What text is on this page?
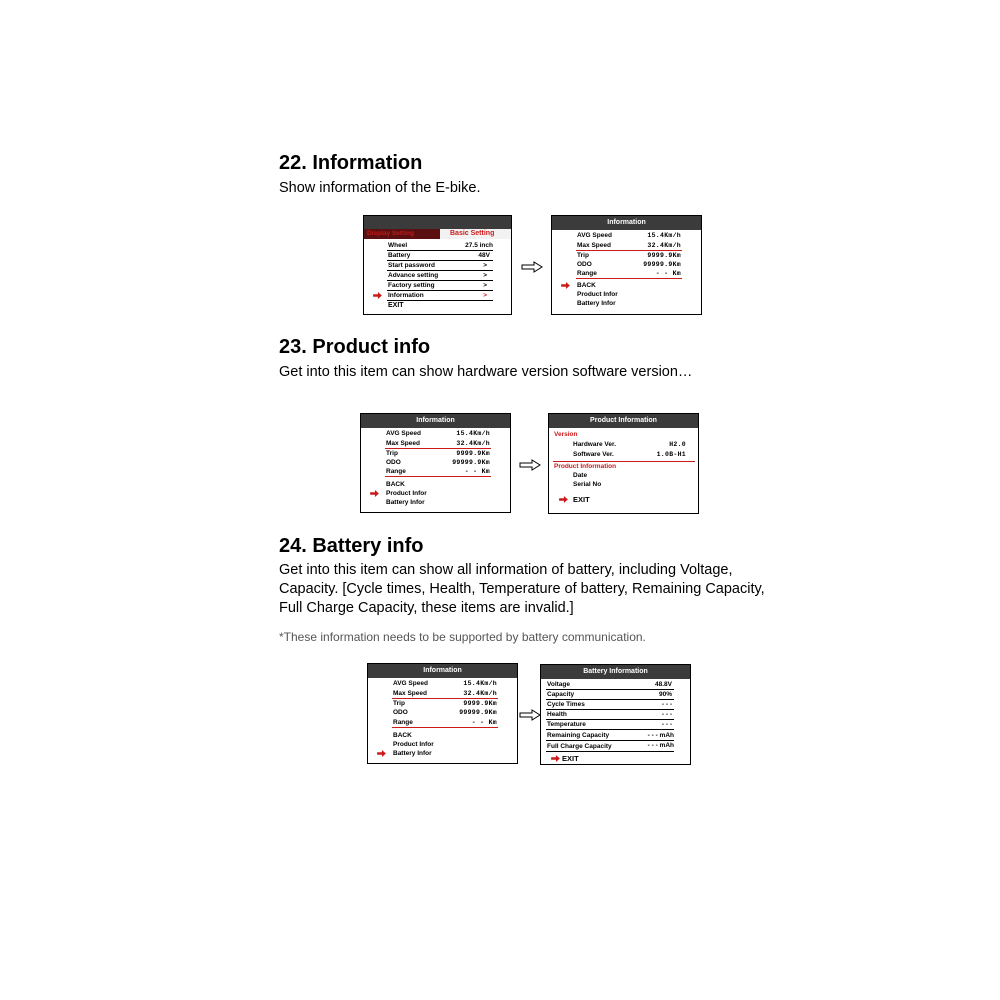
22. Information

Show information of the E-bike.

Display Setting	Basic Setting
Wheel	27.5 inch
Battery	48V
Start password	>
Advance setting	>
Factory setting	>
Information	>
EXIT
Information
AVG Speed	15.4Km/h
Max Speed	32.4Km/h
Trip	9999.9Km
ODO	99999.9Km
Range	- - Km
BACK
Product Infor
Battery Infor
23. Product info

Get into this item can show hardware version software version…

Information
AVG Speed	15.4Km/h
Max Speed	32.4Km/h
Trip	9999.9Km
ODO	99999.9Km
Range	- - Km
BACK
Product Infor
Battery Infor
Product Information
Version
Hardware Ver.	H2.0
Software Ver.	1.0B-H1
Product Information
Date
Serial No
EXIT
24. Battery info

Get into this item can show all information of battery, including Voltage, Capacity. [Cycle times, Health, Temperature of battery, Remaining Capacity, Full Charge Capacity, these items are invalid.]

*These information needs to be supported by battery communication.

Information
AVG Speed	15.4Km/h
Max Speed	32.4Km/h
Trip	9999.9Km
ODO	99999.9Km
Range	- - Km
BACK
Product Infor
Battery Infor
Battery Information
Voltage	48.8V
Capacity	90%
Cycle Times	- - -
Health	- - -
Temperature	- - -
Remaining Capacity	- - - mAh
Full Charge Capacity	- - - mAh
EXIT
